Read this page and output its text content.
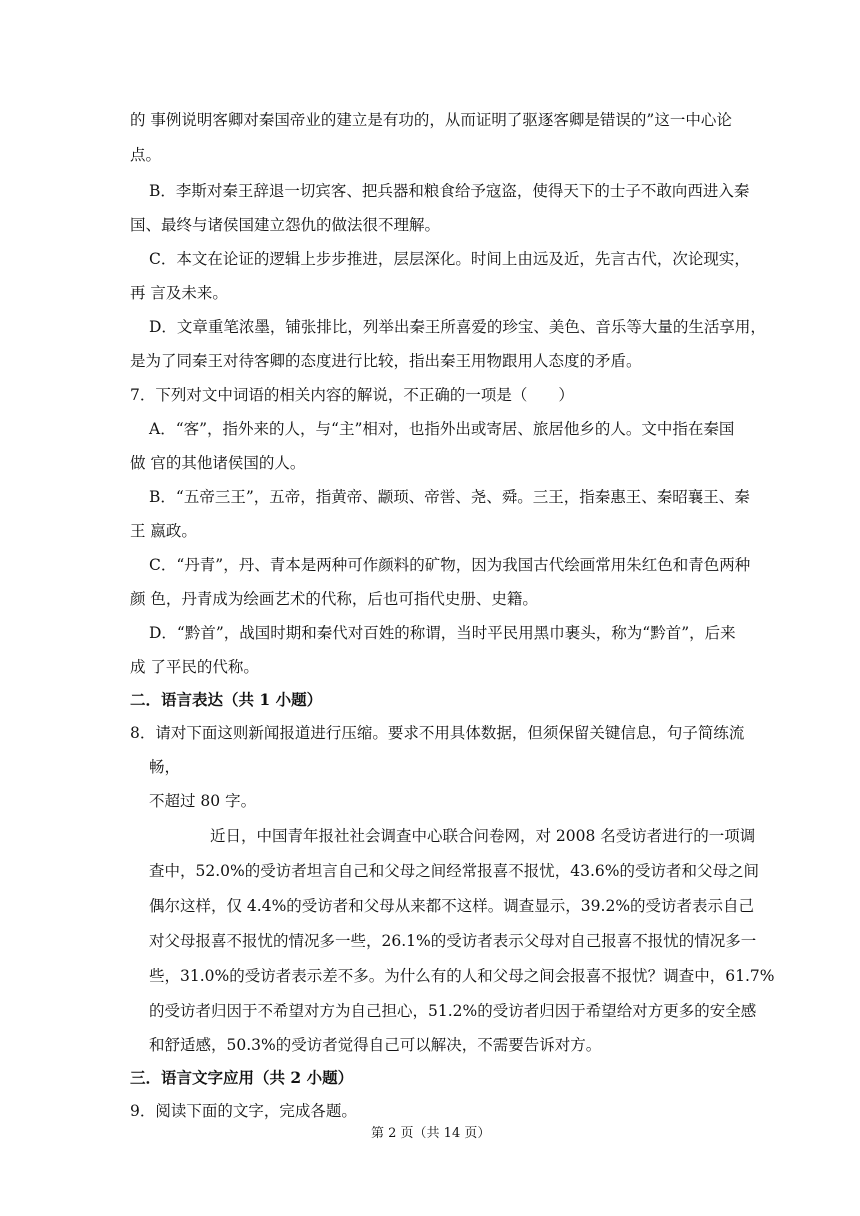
的 事例说明客卿对秦国帝业的建立是有功的，从而证明了驱逐客卿是错误的”这一中心论
点。
B．李斯对秦王辞退一切宾客、把兵器和粮食给予寇盗，使得天下的士子不敢向西进入秦
国、最终与诸侯国建立怨仇的做法很不理解。
C．本文在论证的逻辑上步步推进，层层深化。时间上由远及近，先言古代，次论现实，
再 言及未来。
D．文章重笔浓墨，铺张排比，列举出秦王所喜爱的珍宝、美色、音乐等大量的生活享用，
是为了同秦王对待客卿的态度进行比较，指出秦王用物跟用人态度的矛盾。
7．下列对文中词语的相关内容的解说，不正确的一项是（　　）
A．“客”，指外来的人，与“主”相对，也指外出或寄居、旅居他乡的人。文中指在秦国
做 官的其他诸侯国的人。
B．“五帝三王”，五帝，指黄帝、颛顼、帝喾、尧、舜。三王，指秦惠王、秦昭襄王、秦
王 嬴政。
C．“丹青”，丹、青本是两种可作颜料的矿物，因为我国古代绘画常用朱红色和青色两种
颜 色，丹青成为绘画艺术的代称，后也可指代史册、史籍。
D．“黔首”，战国时期和秦代对百姓的称谓，当时平民用黑巾裹头，称为“黔首”，后来
成 了平民的代称。
二．语言表达（共 1 小题）
8．请对下面这则新闻报道进行压缩。要求不用具体数据，但须保留关键信息，句子简练流
畅，
不超过 80 字。
近日，中国青年报社社会调查中心联合问卷网，对 2008 名受访者进行的一项调
查中，52.0%的受访者坦言自己和父母之间经常报喜不报忧，43.6%的受访者和父母之间
偶尔这样，仅 4.4%的受访者和父母从来都不这样。调查显示，39.2%的受访者表示自己
对父母报喜不报忧的情况多一些，26.1%的受访者表示父母对自己报喜不报忧的情况多一
些，31.0%的受访者表示差不多。为什么有的人和父母之间会报喜不报忧？调查中，61.7%
的受访者归因于不希望对方为自己担心，51.2%的受访者归因于希望给对方更多的安全感
和舒适感，50.3%的受访者觉得自己可以解决，不需要告诉对方。
三．语言文字应用（共 2 小题）
9．阅读下面的文字，完成各题。
第 2 页（共 14 页）
